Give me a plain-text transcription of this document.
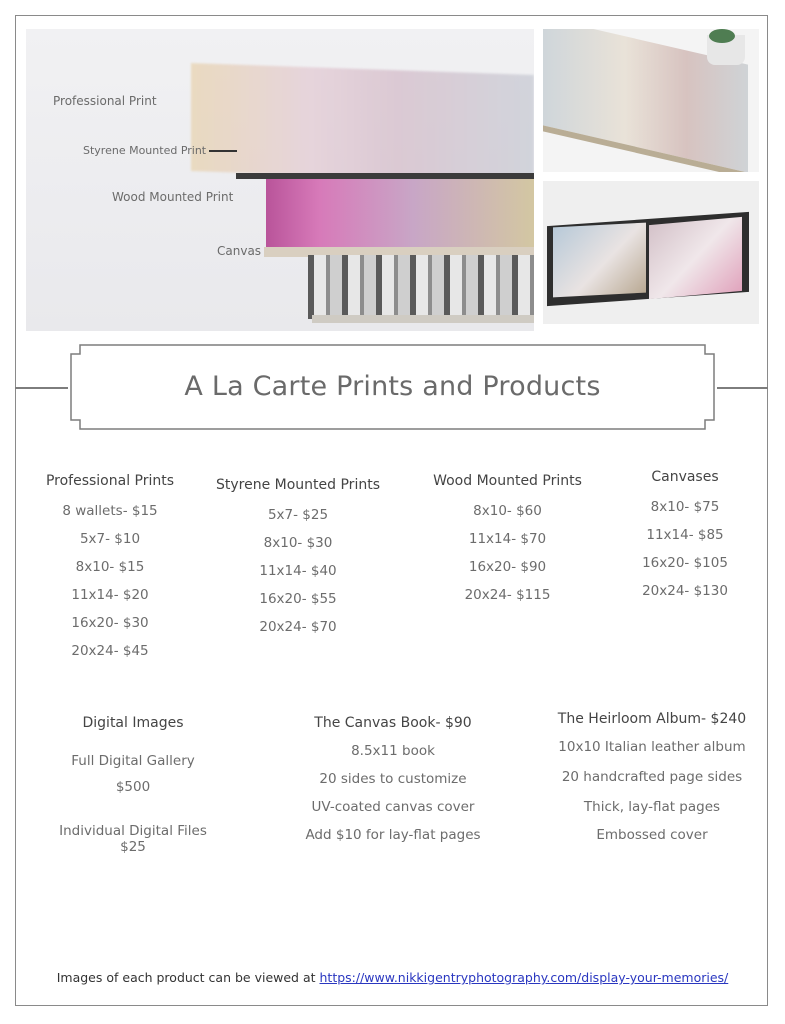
Professional Print
Styrene Mounted Print
Wood Mounted Print
Canvas
A La Carte Prints and Products
Professional Prints
8 wallets- $15
5x7- $10
8x10- $15
11x14- $20
16x20- $30
20x24- $45
Styrene Mounted Prints
5x7- $25
8x10- $30
11x14- $40
16x20- $55
20x24- $70
Wood Mounted Prints
8x10- $60
11x14- $70
16x20- $90
20x24- $115
Canvases
8x10- $75
11x14- $85
16x20- $105
20x24- $130
Digital Images
Full Digital Gallery
$500
Individual Digital Files
$25
The Canvas Book- $90
8.5x11 book
20 sides to customize
UV-coated canvas cover
Add $10 for lay-flat pages
The Heirloom Album- $240
10x10 Italian leather album
20 handcrafted page sides
Thick, lay-flat pages
Embossed cover
Images of each product can be viewed at https://www.nikkigentryphotography.com/display-your-memories/
